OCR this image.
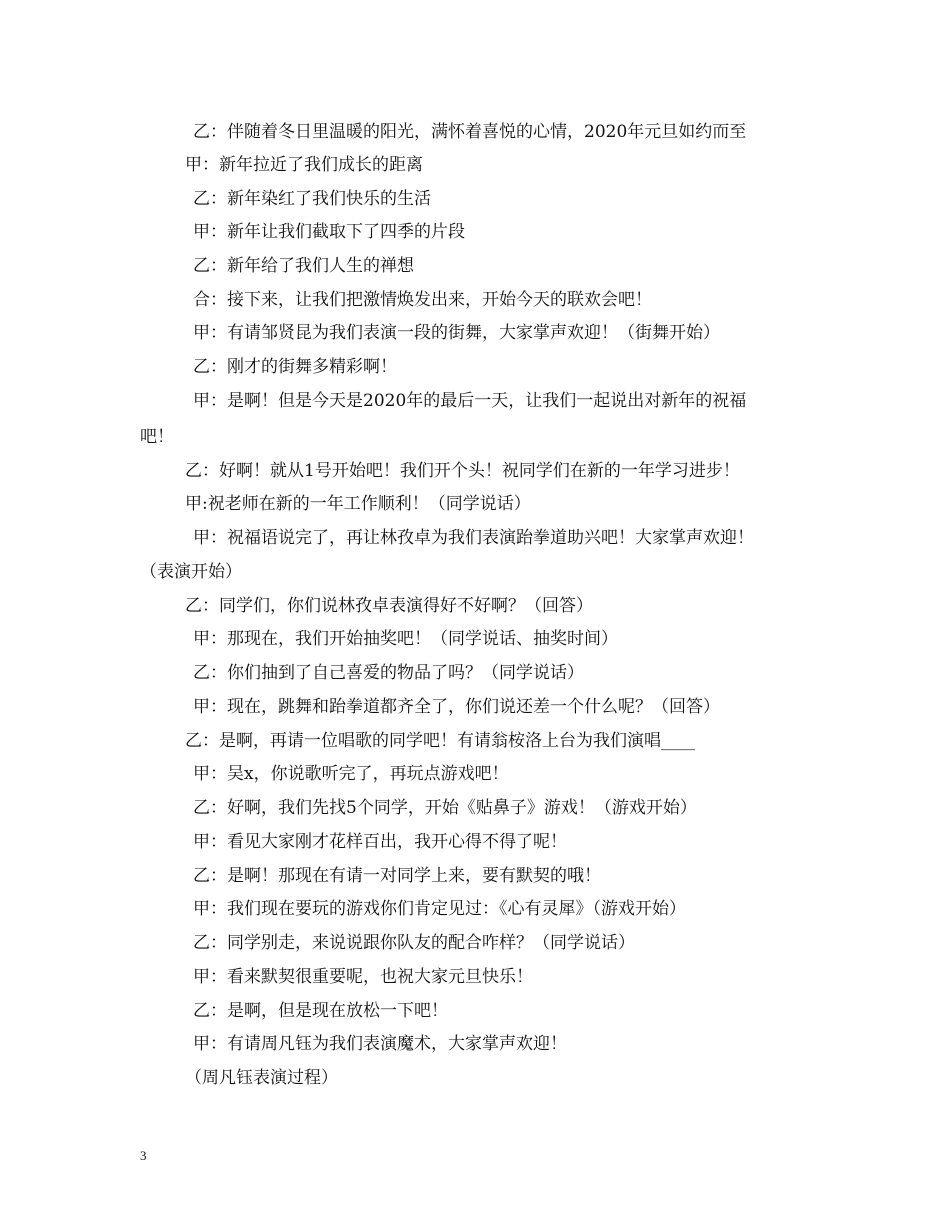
乙：伴随着冬日里温暖的阳光，满怀着喜悦的心情，2020年元旦如约而至
甲：新年拉近了我们成长的距离
乙：新年染红了我们快乐的生活
甲：新年让我们截取下了四季的片段
乙：新年给了我们人生的禅想
合：接下来，让我们把激情焕发出来，开始今天的联欢会吧！
甲：有请邹贤昆为我们表演一段的街舞，大家掌声欢迎！（街舞开始）
乙：刚才的街舞多精彩啊！
甲：是啊！但是今天是2020年的最后一天，让我们一起说出对新年的祝福
吧！
乙：好啊！就从1号开始吧！我们开个头！祝同学们在新的一年学习进步！
甲:祝老师在新的一年工作顺利！（同学说话）
甲：祝福语说完了，再让林孜卓为我们表演跆拳道助兴吧！大家掌声欢迎！
（表演开始）
乙：同学们，你们说林孜卓表演得好不好啊？（回答）
甲：那现在，我们开始抽奖吧！（同学说话、抽奖时间）
乙：你们抽到了自己喜爱的物品了吗？（同学说话）
甲：现在，跳舞和跆拳道都齐全了，你们说还差一个什么呢？（回答）
乙：是啊，再请一位唱歌的同学吧！有请翁桉洛上台为我们演唱____
甲：吴x，你说歌听完了，再玩点游戏吧！
乙：好啊，我们先找5个同学，开始《贴鼻子》游戏！（游戏开始）
甲：看见大家刚才花样百出，我开心得不得了呢！
乙：是啊！那现在有请一对同学上来，要有默契的哦！
甲：我们现在要玩的游戏你们肯定见过：《心有灵犀》（游戏开始）
乙：同学别走，来说说跟你队友的配合咋样？（同学说话）
甲：看来默契很重要呢，也祝大家元旦快乐！
乙：是啊，但是现在放松一下吧！
甲：有请周凡钰为我们表演魔术，大家掌声欢迎！
（周凡钰表演过程）
3
